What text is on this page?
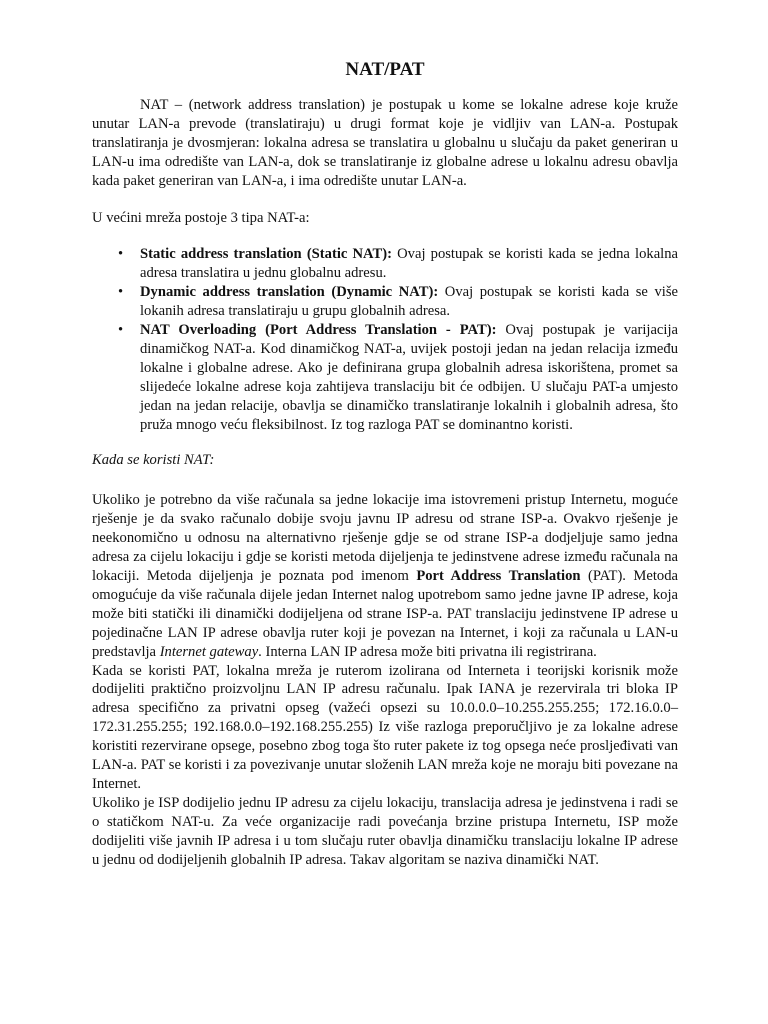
NAT/PAT

NAT – (network address translation) je postupak u kome se lokalne adrese koje kruže unutar LAN-a prevode (translatiraju) u drugi format koje je vidljiv van LAN-a. Postupak translatiranja je dvosmjeran: lokalna adresa se translatira u globalnu u slučaju da paket generiran u LAN-u ima odredište van LAN-a, dok se translatiranje iz globalne adrese u lokalnu adresu obavlja kada paket generiran van LAN-a, i ima odredište unutar LAN-a.

U većini mreža postoje 3 tipa NAT-a:

• Static address translation (Static NAT): Ovaj postupak se koristi kada se jedna lokalna adresa translatira u jednu globalnu adresu.
• Dynamic address translation (Dynamic NAT): Ovaj postupak se koristi kada se više lokanih adresa translatiraju u grupu globalnih adresa.
• NAT Overloading (Port Address Translation - PAT): Ovaj postupak je varijacija dinamičkog NAT-a. Kod dinamičkog NAT-a, uvijek postoji jedan na jedan relacija između lokalne i globalne adrese. Ako je definirana grupa globalnih adresa iskorištena, promet sa slijedeće lokalne adrese koja zahtijeva translaciju bit će odbijen. U slučaju PAT-a umjesto jedan na jedan relacije, obavlja se dinamičko translatiranje lokalnih i globalnih adresa, što pruža mnogo veću fleksibilnost. Iz tog razloga PAT se dominantno koristi.

Kada se koristi NAT:

Ukoliko je potrebno da više računala sa jedne lokacije ima istovremeni pristup Internetu, moguće rješenje je da svako računalo dobije svoju javnu IP adresu od strane ISP-a. Ovakvo rješenje je neekonomično u odnosu na alternativno rješenje gdje se od strane ISP-a dodjeljuje samo jedna adresa za cijelu lokaciju i gdje se koristi metoda dijeljenja te jedinstvene adrese između računala na lokaciji. Metoda dijeljenja je poznata pod imenom Port Address Translation (PAT). Metoda omogućuje da više računala dijele jedan Internet nalog upotrebom samo jedne javne IP adrese, koja može biti statički ili dinamički dodijeljena od strane ISP-a. PAT translaciju jedinstvene IP adrese u pojedinačne LAN IP adrese obavlja ruter koji je povezan na Internet, i koji za računala u LAN-u predstavlja Internet gateway. Interna LAN IP adresa može biti privatna ili registrirana.

Kada se koristi PAT, lokalna mreža je ruterom izolirana od Interneta i teorijski korisnik može dodijeliti praktično proizvoljnu LAN IP adresu računalu. Ipak IANA je rezervirala tri bloka IP adresa specifično za privatni opseg (važeći opsezi su 10.0.0.0–10.255.255.255; 172.16.0.0–172.31.255.255; 192.168.0.0–192.168.255.255) Iz više razloga preporučljivo je za lokalne adrese koristiti rezervirane opsege, posebno zbog toga što ruter pakete iz tog opsega neće prosljeđivati van LAN-a. PAT se koristi i za povezivanje unutar složenih LAN mreža koje ne moraju biti povezane na Internet.

Ukoliko je ISP dodijelio jednu IP adresu za cijelu lokaciju, translacija adresa je jedinstvena i radi se o statičkom NAT-u. Za veće organizacije radi povećanja brzine pristupa Internetu, ISP može dodijeliti više javnih IP adresa i u tom slučaju ruter obavlja dinamičku translaciju lokalne IP adrese u jednu od dodijeljenih globalnih IP adresa. Takav algoritam se naziva dinamički NAT.
